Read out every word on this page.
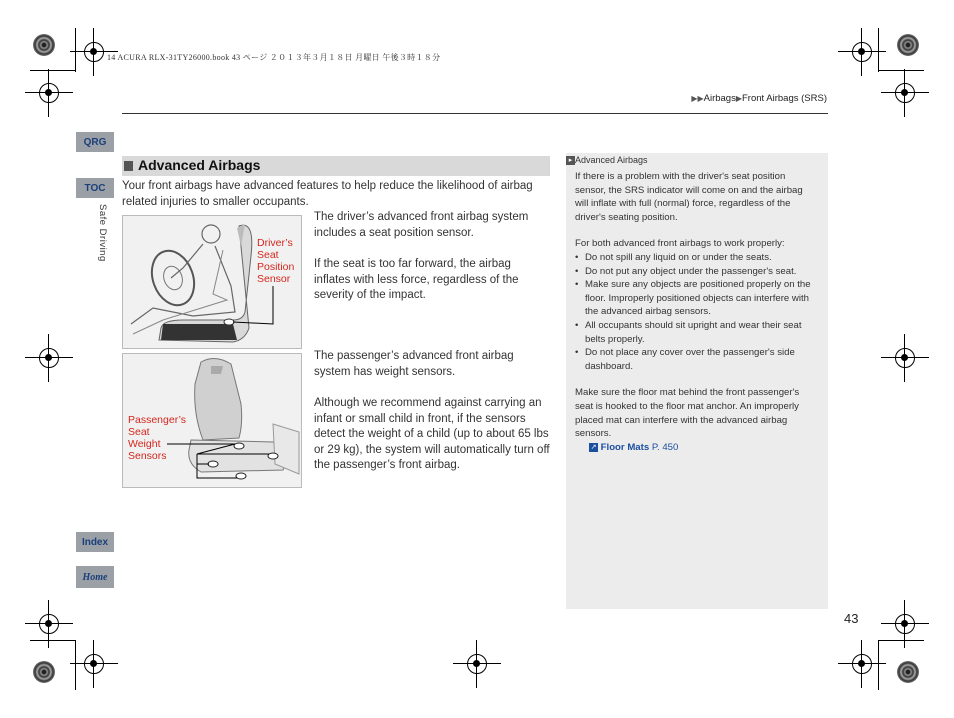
14 ACURA RLX-31TY26000.book 43 ページ ２０１３年３月１８日 月曜日 午後３時１８分
▶▶Airbags▶Front Airbags (SRS)
QRG
TOC
Safe Driving
Index
Home
Advanced Airbags
Your front airbags have advanced features to help reduce the likelihood of airbag related injuries to smaller occupants.
Driver’s
Seat
Position
Sensor
The driver’s advanced front airbag system includes a seat position sensor.
If the seat is too far forward, the airbag inflates with less force, regardless of the severity of the impact.
Passenger’s
Seat
Weight
Sensors
The passenger’s advanced front airbag system has weight sensors.
Although we recommend against carrying an infant or small child in front, if the sensors detect the weight of a child (up to about 65 lbs or 29 kg), the system will automatically turn off the passenger’s front airbag.
▸ Advanced Airbags
If there is a problem with the driver's seat position sensor, the SRS indicator will come on and the airbag will inflate with full (normal) force, regardless of the driver's seating position.
For both advanced front airbags to work properly:
• Do not spill any liquid on or under the seats.
• Do not put any object under the passenger's seat.
• Make sure any objects are positioned properly on the floor. Improperly positioned objects can interfere with the advanced airbag sensors.
• All occupants should sit upright and wear their seat belts properly.
• Do not place any cover over the passenger's side dashboard.
Make sure the floor mat behind the front passenger's seat is hooked to the floor mat anchor. An improperly placed mat can interfere with the advanced airbag sensors.
↗ Floor Mats P. 450
43
